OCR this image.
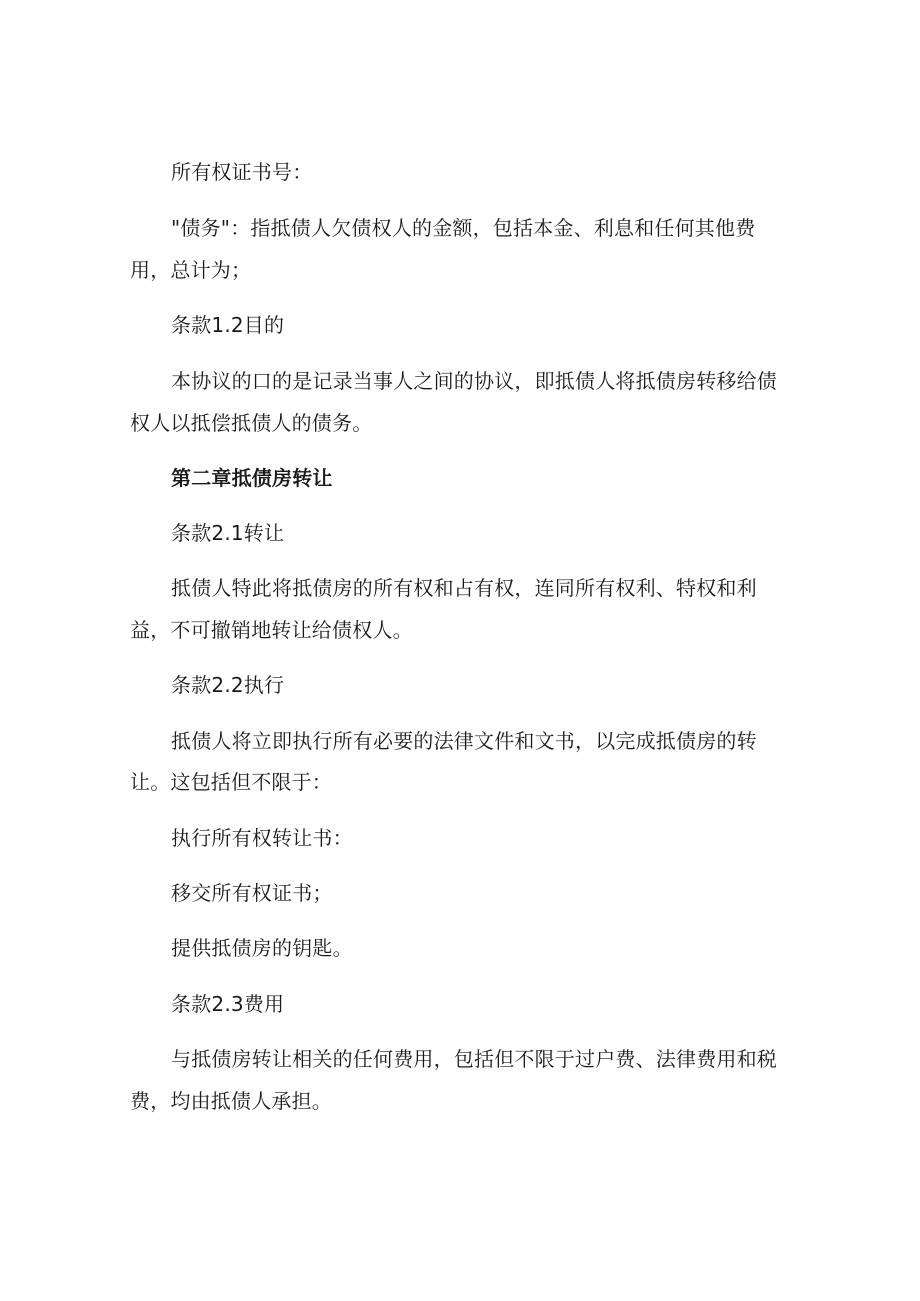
所有权证书号：
"债务"：指抵债人欠债权人的金额，包括本金、利息和任何其他费
用，总计为；
条款1.2目的
本协议的口的是记录当事人之间的协议，即抵债人将抵债房转移给债
权人以抵偿抵债人的债务。
第二章抵债房转让
条款2.1转让
抵债人特此将抵债房的所有权和占有权，连同所有权利、特权和利
益，不可撤销地转让给债权人。
条款2.2执行
抵债人将立即执行所有必要的法律文件和文书，以完成抵债房的转
让。这包括但不限于：
执行所有权转让书：
移交所有权证书；
提供抵债房的钥匙。
条款2.3费用
与抵债房转让相关的任何费用，包括但不限于过户费、法律费用和税
费，均由抵债人承担。
